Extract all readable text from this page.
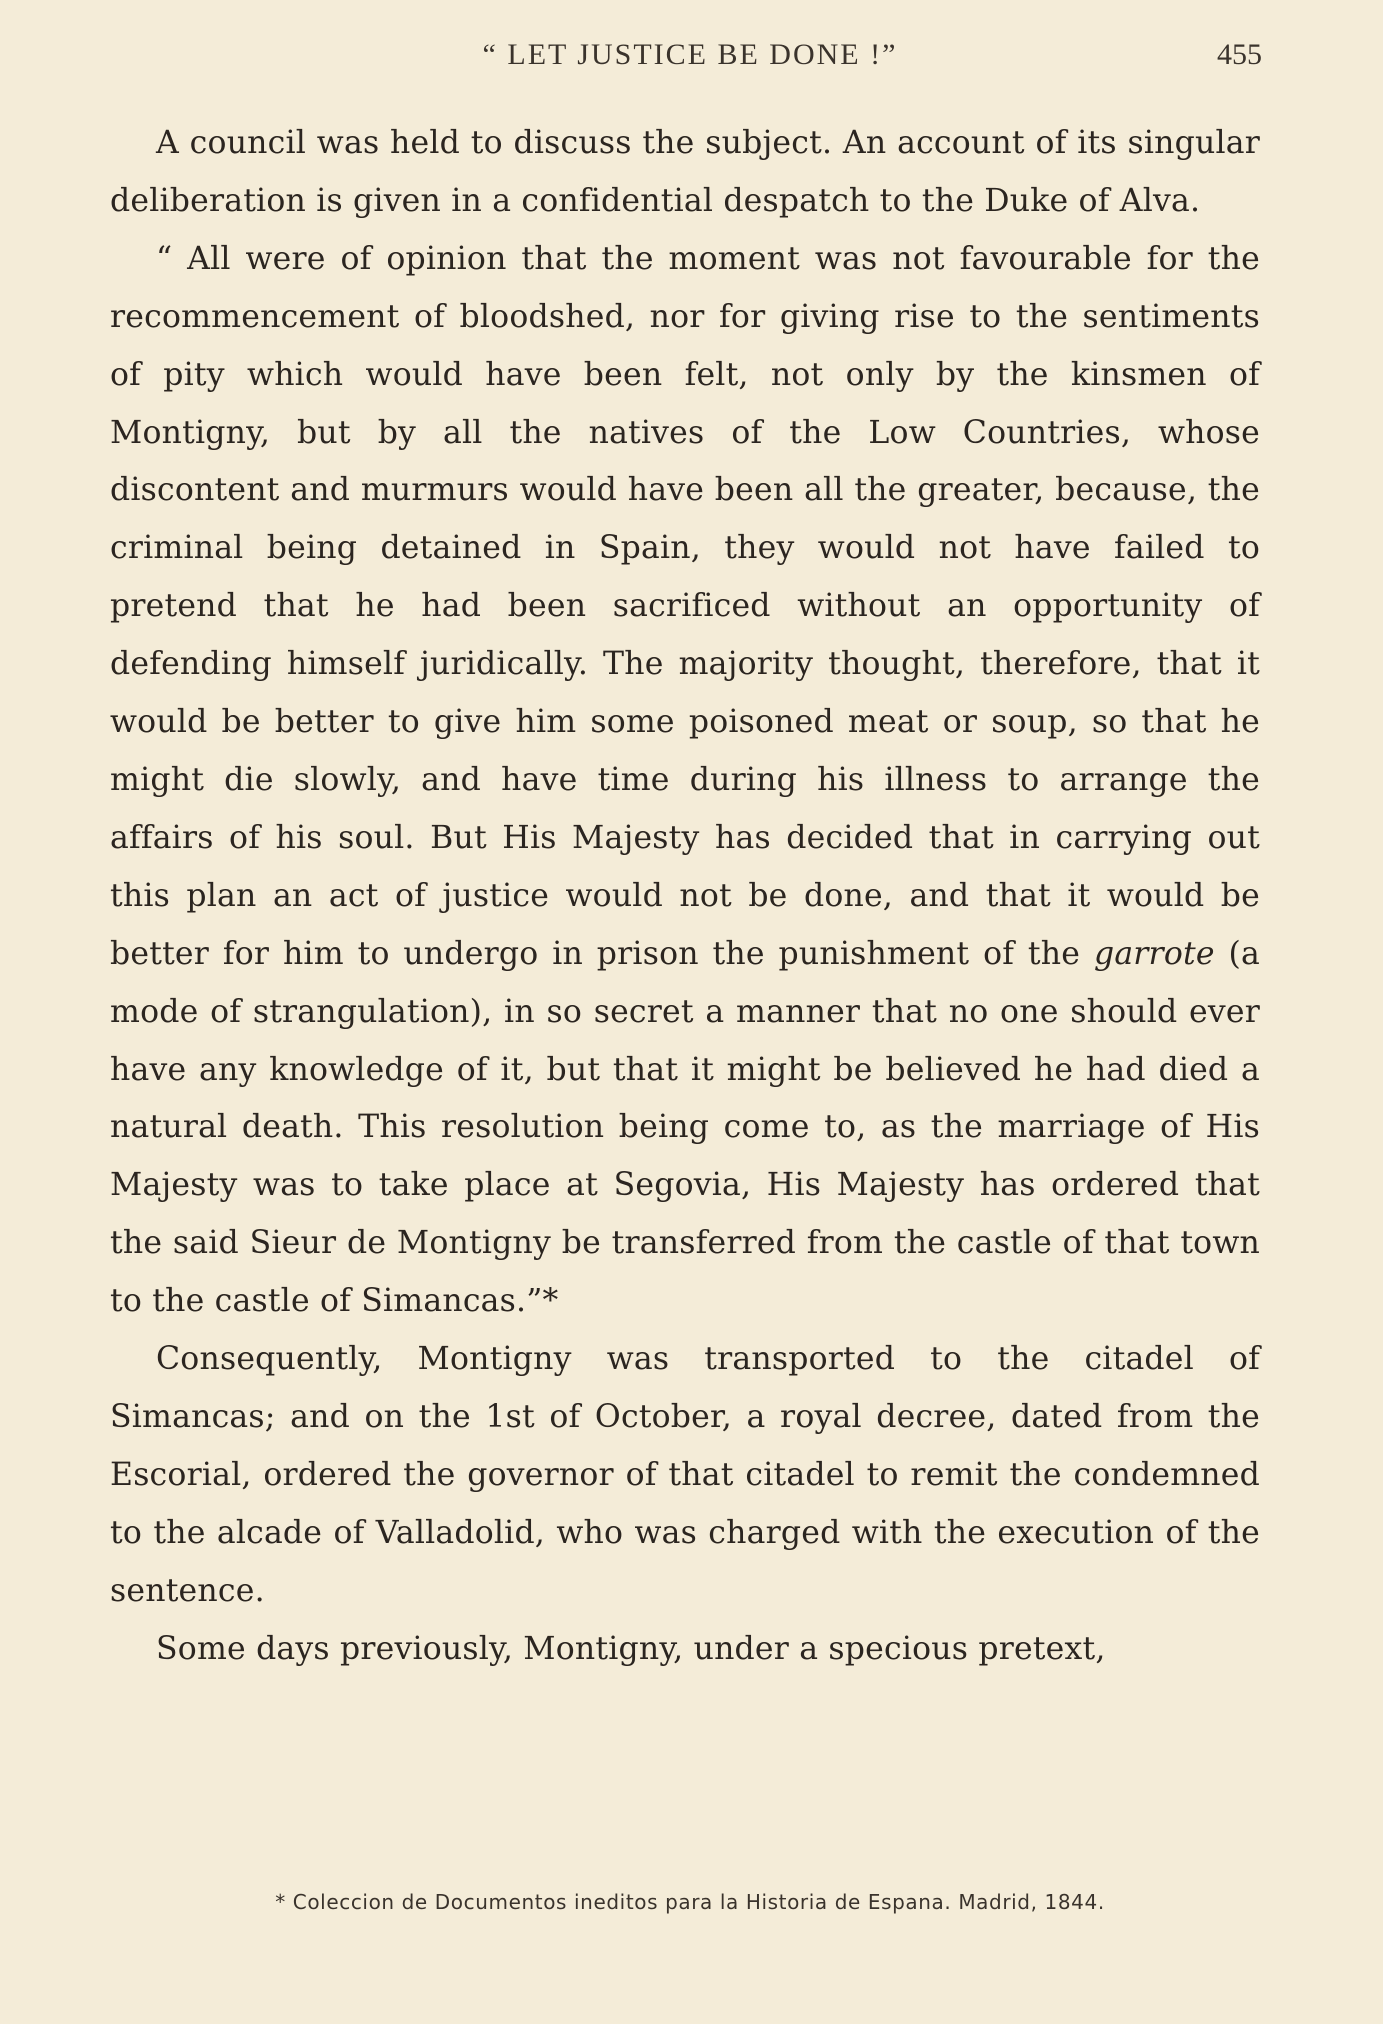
“ LET JUSTICE BE DONE !”	455

A council was held to discuss the subject. An account of its singular deliberation is given in a confidential despatch to the Duke of Alva.

“ All were of opinion that the moment was not favourable for the recommencement of bloodshed, nor for giving rise to the sentiments of pity which would have been felt, not only by the kinsmen of Montigny, but by all the natives of the Low Countries, whose discontent and murmurs would have been all the greater, because, the criminal being detained in Spain, they would not have failed to pretend that he had been sacrificed without an opportunity of defending himself juridically. The majority thought, therefore, that it would be better to give him some poisoned meat or soup, so that he might die slowly, and have time during his illness to arrange the affairs of his soul. But His Majesty has decided that in carrying out this plan an act of justice would not be done, and that it would be better for him to undergo in prison the punishment of the garrote (a mode of strangulation), in so secret a manner that no one should ever have any knowledge of it, but that it might be believed he had died a natural death. This resolution being come to, as the marriage of His Majesty was to take place at Segovia, His Majesty has ordered that the said Sieur de Montigny be transferred from the castle of that town to the castle of Simancas.”*

Consequently, Montigny was transported to the citadel of Simancas; and on the 1st of October, a royal decree, dated from the Escorial, ordered the governor of that citadel to remit the condemned to the alcade of Valladolid, who was charged with the execution of the sentence.

Some days previously, Montigny, under a specious pretext,

* Coleccion de Documentos ineditos para la Historia de Espana. Madrid, 1844.
